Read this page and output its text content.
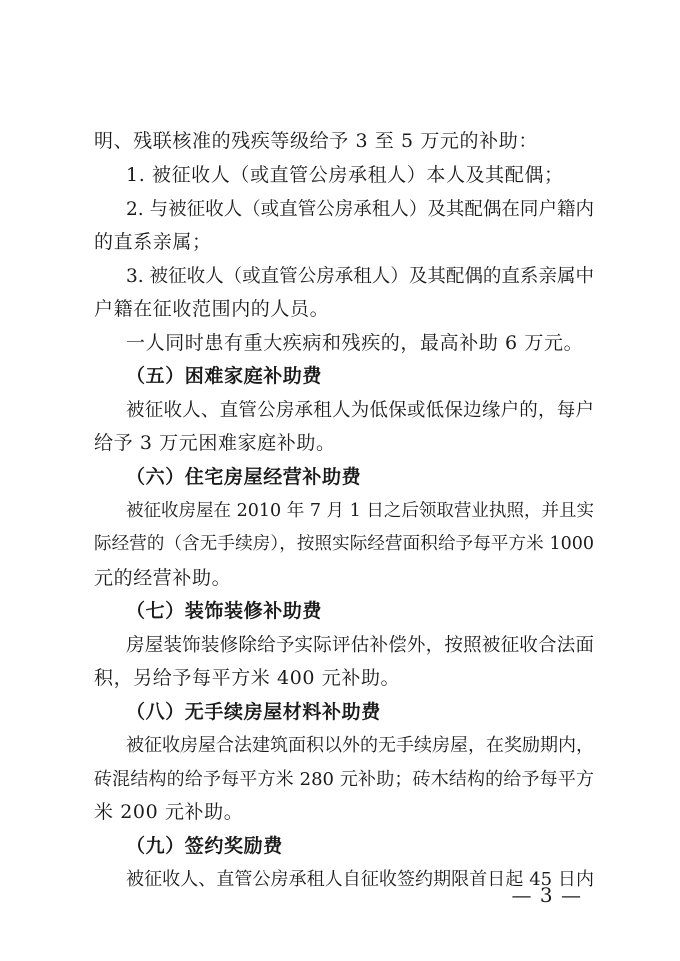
明、残联核准的残疾等级给予 3 至 5 万元的补助：
1. 被征收人（或直管公房承租人）本人及其配偶；
2. 与被征收人（或直管公房承租人）及其配偶在同户籍内
的直系亲属；
3. 被征收人（或直管公房承租人）及其配偶的直系亲属中
户籍在征收范围内的人员。
一人同时患有重大疾病和残疾的，最高补助 6 万元。
（五）困难家庭补助费
被征收人、直管公房承租人为低保或低保边缘户的，每户
给予 3 万元困难家庭补助。
（六）住宅房屋经营补助费
被征收房屋在 2010 年 7 月 1 日之后领取营业执照，并且实
际经营的（含无手续房），按照实际经营面积给予每平方米 1000
元的经营补助。
（七）装饰装修补助费
房屋装饰装修除给予实际评估补偿外，按照被征收合法面
积，另给予每平方米 400 元补助。
（八）无手续房屋材料补助费
被征收房屋合法建筑面积以外的无手续房屋，在奖励期内，
砖混结构的给予每平方米 280 元补助；砖木结构的给予每平方
米 200 元补助。
（九）签约奖励费
被征收人、直管公房承租人自征收签约期限首日起 45 日内
— 3 —
